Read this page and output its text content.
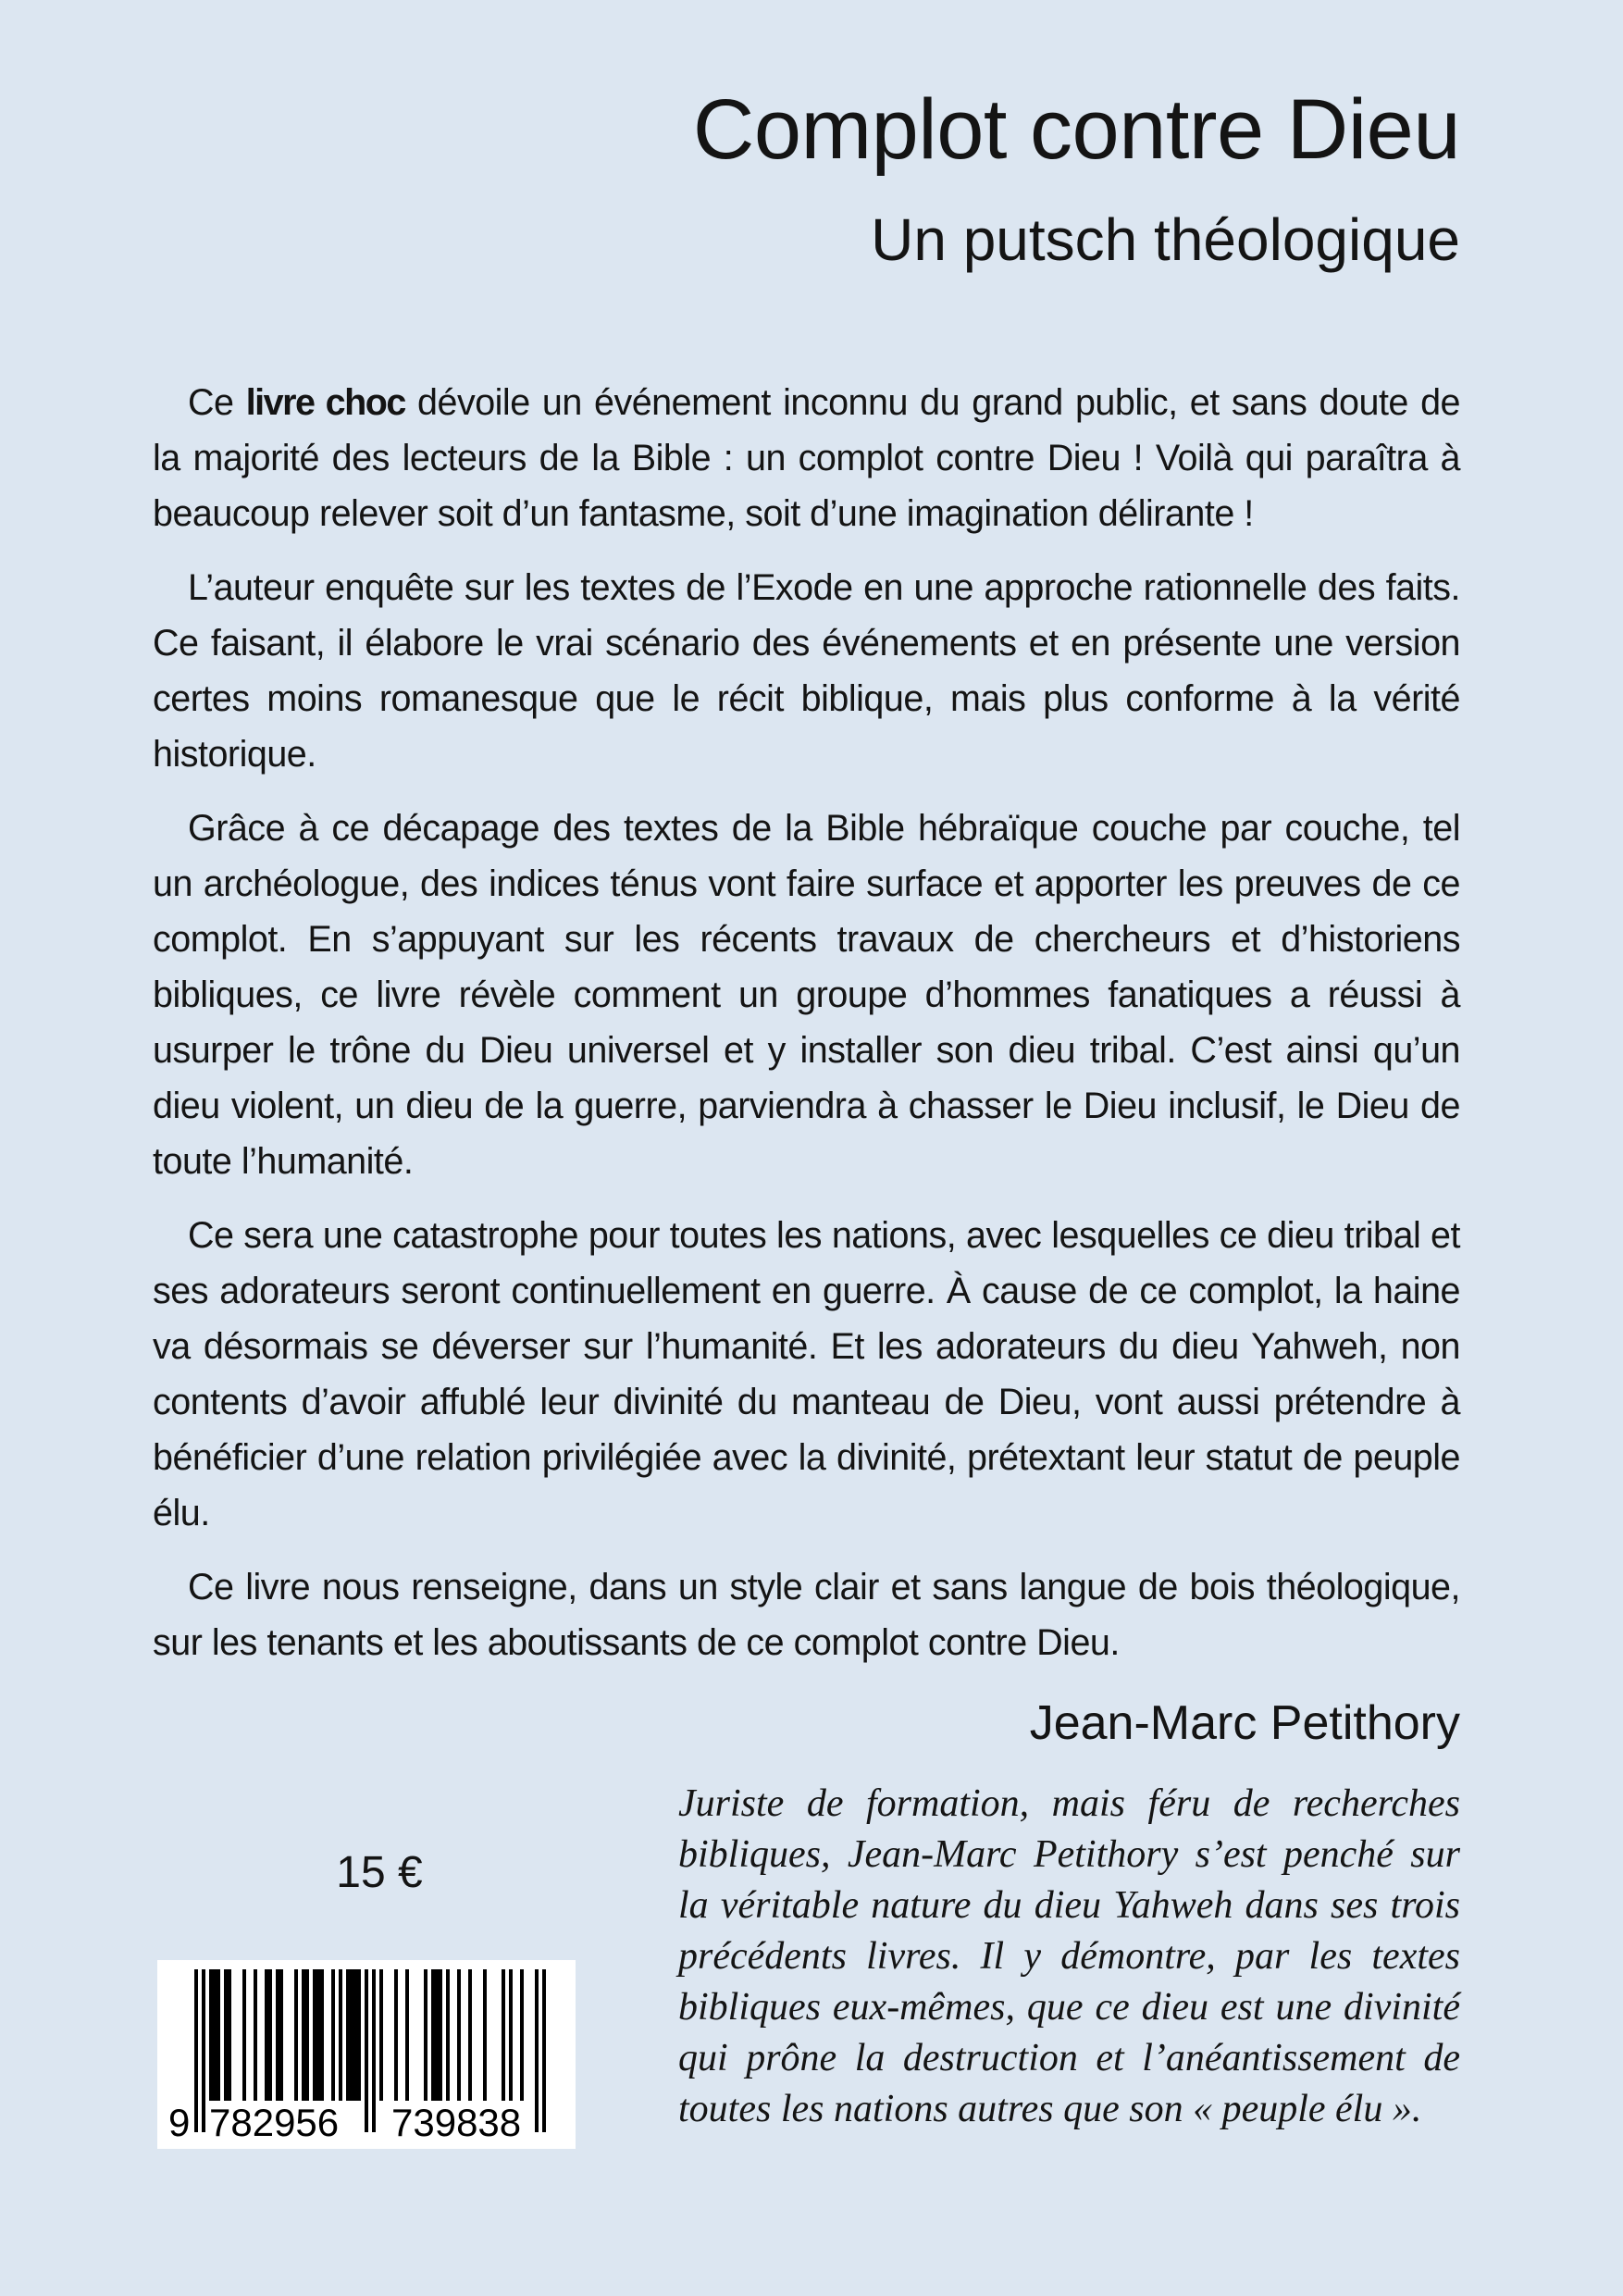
Complot contre Dieu
Un putsch théologique

Ce livre choc dévoile un événement inconnu du grand public, et sans doute de la majorité des lecteurs de la Bible : un complot contre Dieu ! Voilà qui paraîtra à beaucoup relever soit d’un fantasme, soit d’une imagination délirante !

L’auteur enquête sur les textes de l’Exode en une approche rationnelle des faits. Ce faisant, il élabore le vrai scénario des événements et en présente une version certes moins romanesque que le récit biblique, mais plus conforme à la vérité historique.

Grâce à ce décapage des textes de la Bible hébraïque couche par couche, tel un archéologue, des indices ténus vont faire surface et apporter les preuves de ce complot. En s’appuyant sur les récents travaux de chercheurs et d’historiens bibliques, ce livre révèle comment un groupe d’hommes fanatiques a réussi à usurper le trône du Dieu universel et y installer son dieu tribal. C’est ainsi qu’un dieu violent, un dieu de la guerre, parviendra à chasser le Dieu inclusif, le Dieu de toute l’humanité.

Ce sera une catastrophe pour toutes les nations, avec lesquelles ce dieu tribal et ses adorateurs seront continuellement en guerre. À cause de ce complot, la haine va désormais se déverser sur l’humanité. Et les adorateurs du dieu Yahweh, non contents d’avoir affublé leur divinité du manteau de Dieu, vont aussi prétendre à bénéficier d’une relation privilégiée avec la divinité, prétextant leur statut de peuple élu.

Ce livre nous renseigne, dans un style clair et sans langue de bois théologique, sur les tenants et les aboutissants de ce complot contre Dieu.

Jean-Marc Petithory

Juriste de formation, mais féru de recherches bibliques, Jean-Marc Petithory s’est penché sur la véritable nature du dieu Yahweh dans ses trois précédents livres. Il y démontre, par les textes bibliques eux-mêmes, que ce dieu est une divinité qui prône la destruction et l’anéantissement de toutes les nations autres que son « peuple élu ».

15 €
9 782956 739838
